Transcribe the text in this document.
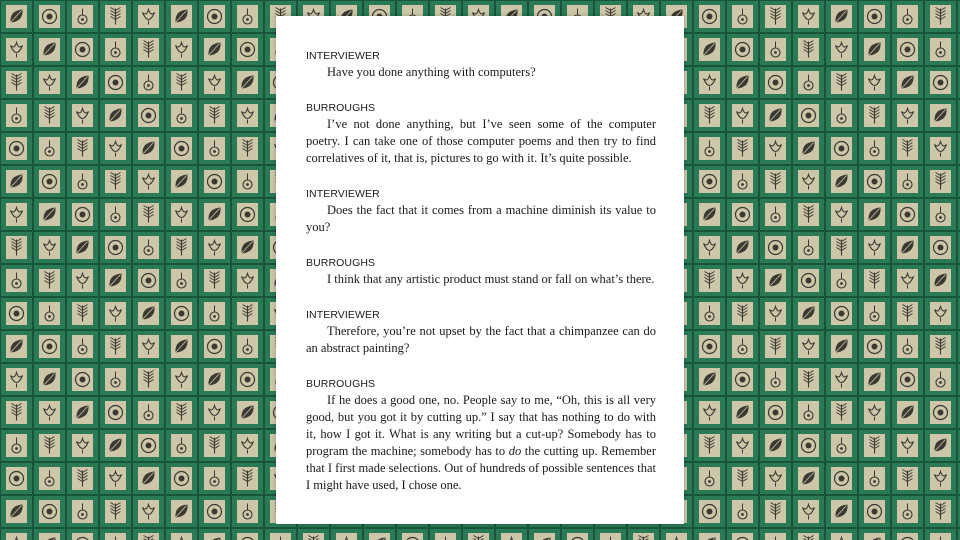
INTERVIEWER

Have you done anything with computers?

BURROUGHS

I’ve not done anything, but I’ve seen some of the computer poetry. I can take one of those computer poems and then try to find correlatives of it, that is, pictures to go with it. It’s quite possible.

INTERVIEWER

Does the fact that it comes from a machine diminish its value to you?

BURROUGHS

I think that any artistic product must stand or fall on what’s there.

INTERVIEWER

Therefore, you’re not upset by the fact that a chimpanzee can do an abstract painting?

BURROUGHS

If he does a good one, no. People say to me, “Oh, this is all very good, but you got it by cutting up.” I say that has nothing to do with it, how I got it. What is any writing but a cut-up? Somebody has to program the machine; somebody has to do the cutting up. Remember that I first made selections. Out of hundreds of possible sentences that I might have used, I chose one.
